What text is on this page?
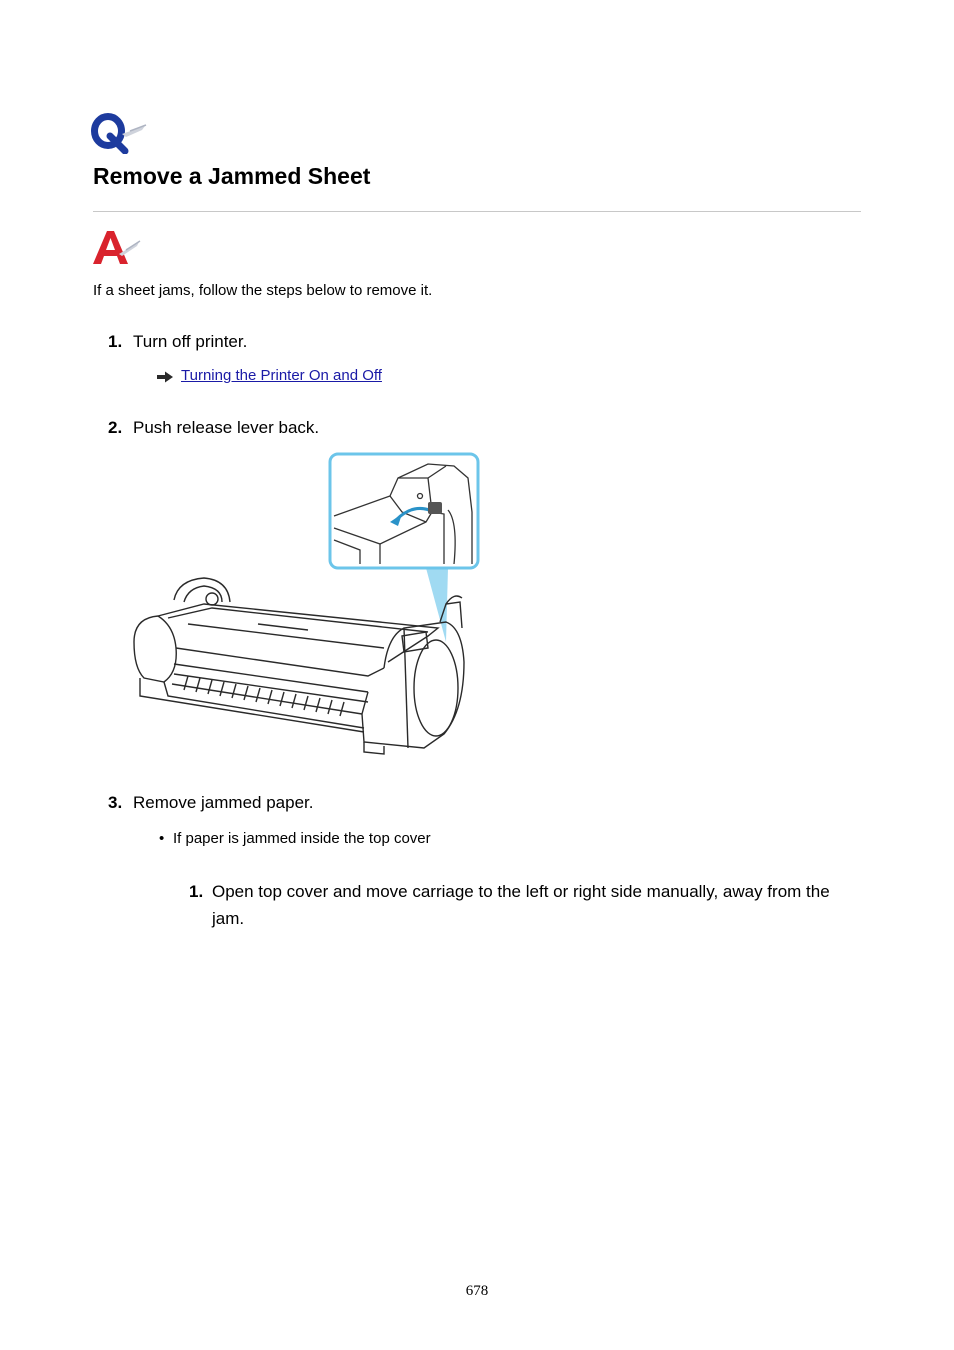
Remove a Jammed Sheet
If a sheet jams, follow the steps below to remove it.
1. Turn off printer.
Turning the Printer On and Off
2. Push release lever back.
3. Remove jammed paper.
• If paper is jammed inside the top cover
1. Open top cover and move carriage to the left or right side manually, away from the jam.
678
